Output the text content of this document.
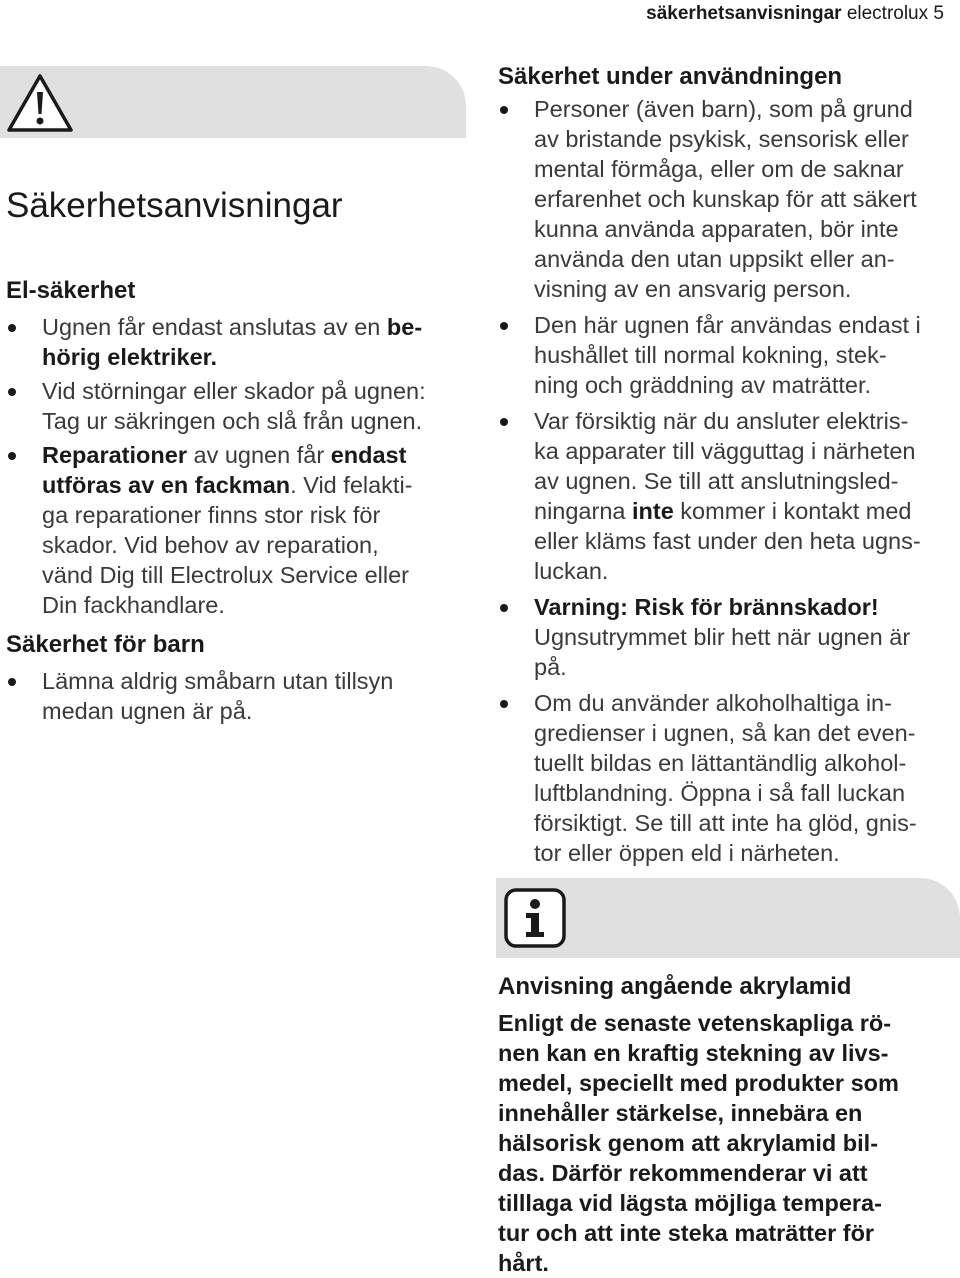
säkerhetsanvisningar electrolux 5
Säkerhetsanvisningar
El-säkerhet
Ugnen får endast anslutas av en be-
hörig elektriker.
Vid störningar eller skador på ugnen:
Tag ur säkringen och slå från ugnen.
Reparationer av ugnen får endast
utföras av en fackman. Vid felakti-
ga reparationer finns stor risk för
skador. Vid behov av reparation,
vänd Dig till Electrolux Service eller
Din fackhandlare.
Säkerhet för barn
Lämna aldrig småbarn utan tillsyn
medan ugnen är på.
Säkerhet under användningen
Personer (även barn), som på grund
av bristande psykisk, sensorisk eller
mental förmåga, eller om de saknar
erfarenhet och kunskap för att säkert
kunna använda apparaten, bör inte
använda den utan uppsikt eller an-
visning av en ansvarig person.
Den här ugnen får användas endast i
hushållet till normal kokning, stek-
ning och gräddning av maträtter.
Var försiktig när du ansluter elektris-
ka apparater till vägguttag i närheten
av ugnen. Se till att anslutningsled-
ningarna inte kommer i kontakt med
eller kläms fast under den heta ugns-
luckan.
Varning: Risk för brännskador!
Ugnsutrymmet blir hett när ugnen är
på.
Om du använder alkoholhaltiga in-
gredienser i ugnen, så kan det even-
tuellt bildas en lättantändlig alkohol-
luftblandning. Öppna i så fall luckan
försiktigt. Se till att inte ha glöd, gnis-
tor eller öppen eld i närheten.
Anvisning angående akrylamid

Enligt de senaste vetenskapliga rö-
nen kan en kraftig stekning av livs-
medel, speciellt med produkter som
innehåller stärkelse, innebära en
hälsorisk genom att akrylamid bil-
das. Därför rekommenderar vi att
tilllaga vid lägsta möjliga tempera-
tur och att inte steka maträtter för
hårt.
